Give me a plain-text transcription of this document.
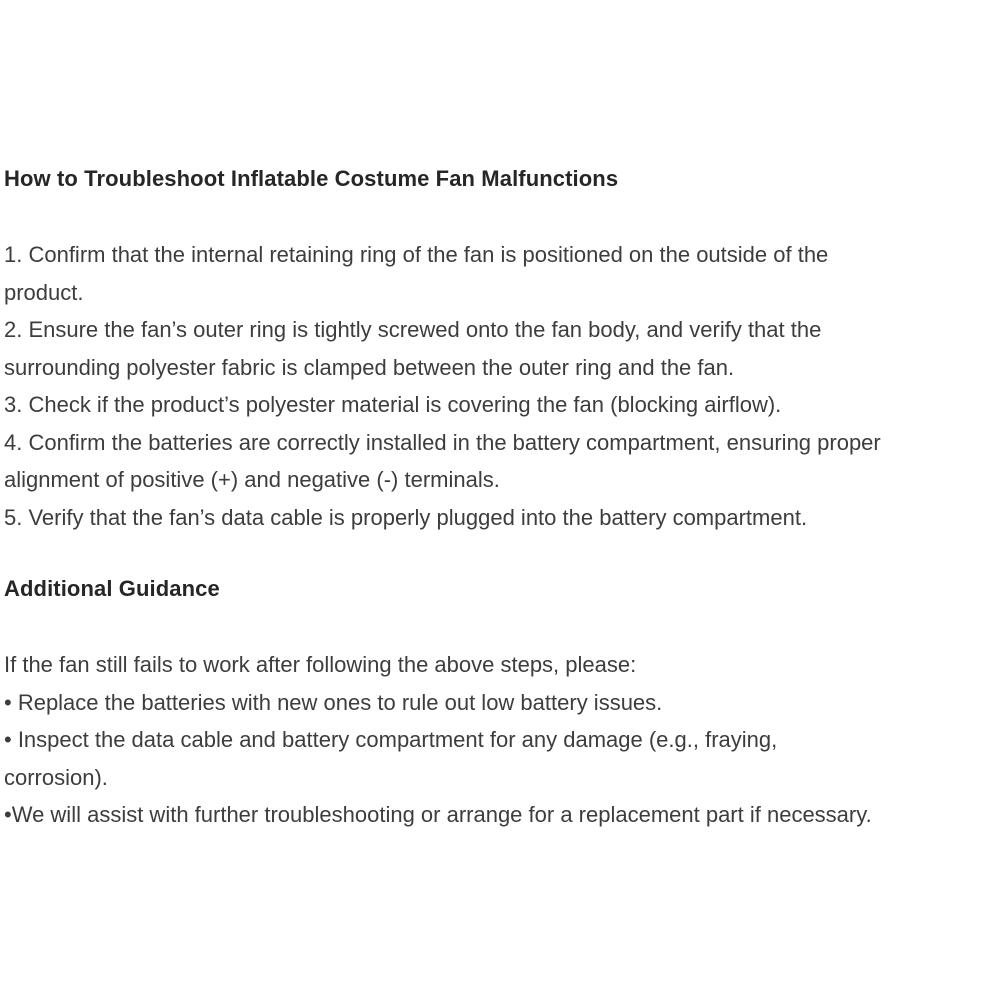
How to Troubleshoot Inflatable Costume Fan Malfunctions
1. Confirm that the internal retaining ring of the fan is positioned on the outside of the
product.
2. Ensure the fan’s outer ring is tightly screwed onto the fan body, and verify that the
surrounding polyester fabric is clamped between the outer ring and the fan.
3. Check if the product’s polyester material is covering the fan (blocking airflow).
4. Confirm the batteries are correctly installed in the battery compartment, ensuring proper
alignment of positive (+) and negative (-) terminals.
5. Verify that the fan’s data cable is properly plugged into the battery compartment.
Additional Guidance
If the fan still fails to work after following the above steps, please:
• Replace the batteries with new ones to rule out low battery issues.
• Inspect the data cable and battery compartment for any damage (e.g., fraying,
corrosion).
•We will assist with further troubleshooting or arrange for a replacement part if necessary.
